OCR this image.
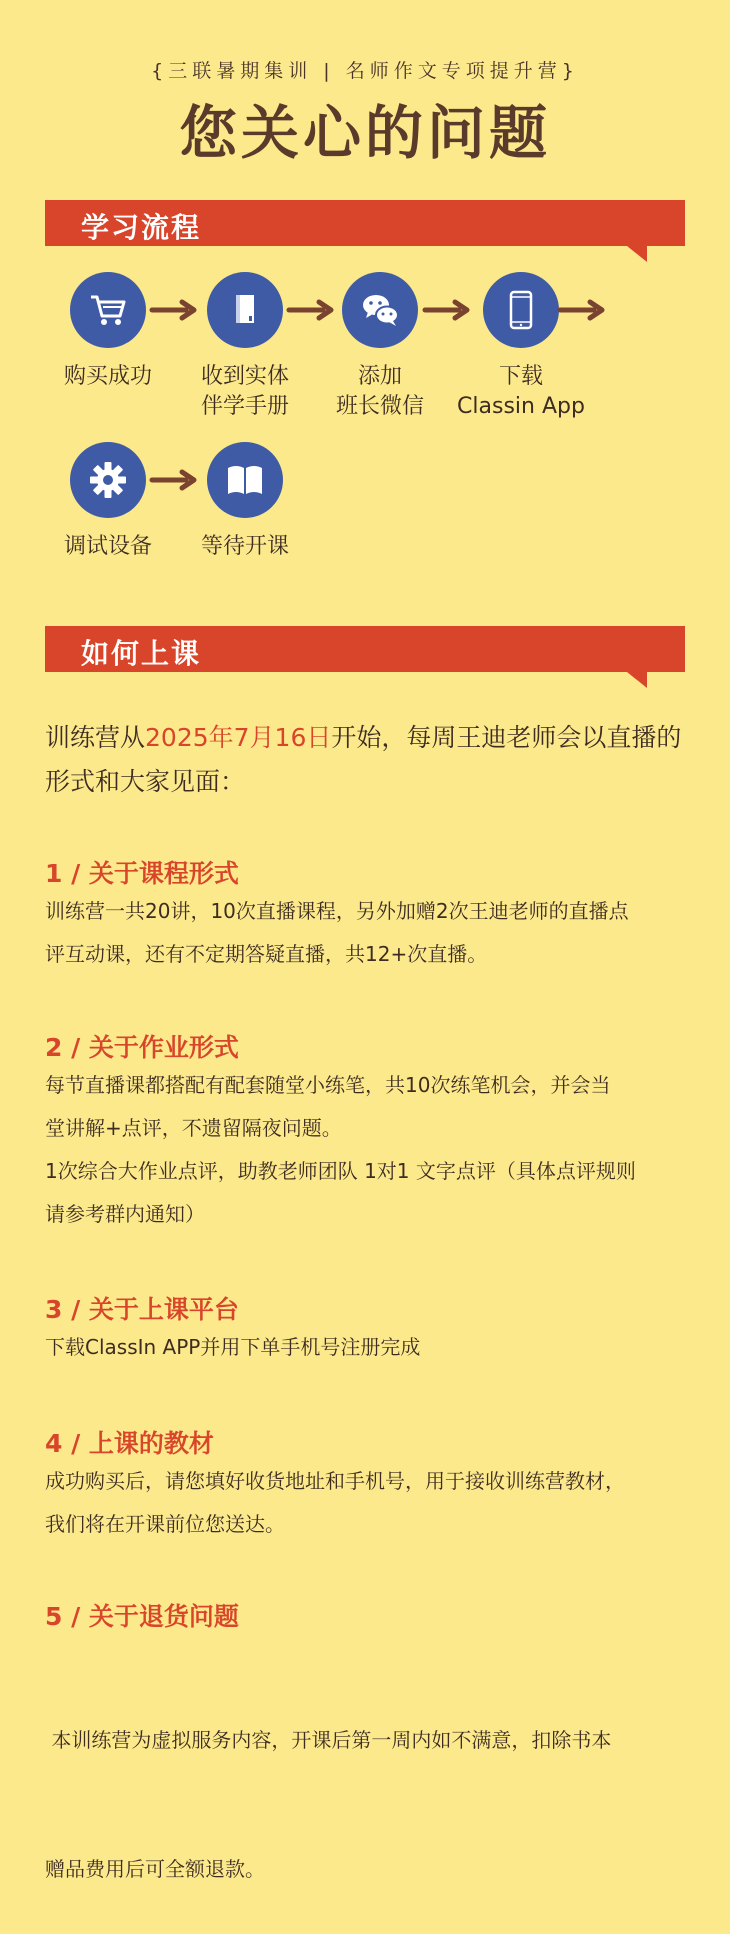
{三联暑期集训 | 名师作文专项提升营}
您关心的问题
学习流程
购买成功	收到实体
伴学手册
添加
班长微信
下载
Classin App
调试设备	等待开课
如何上课
训练营从2025年7月16日开始，每周王迪老师会以直播的形式和大家见面：
1 / 关于课程形式
训练营一共20讲，10次直播课程，另外加赠2次王迪老师的直播点
评互动课，还有不定期答疑直播，共12+次直播。
2 / 关于作业形式
每节直播课都搭配有配套随堂小练笔，共10次练笔机会，并会当
堂讲解+点评，不遗留隔夜问题。
1次综合大作业点评，助教老师团队 1对1 文字点评（具体点评规则
请参考群内通知）
3 / 关于上课平台
下载ClassIn APP并用下单手机号注册完成
4 / 上课的教材
成功购买后，请您填好收货地址和手机号，用于接收训练营教材，
我们将在开课前位您送达。
5 / 关于退货问题

本训练营为虚拟服务内容，开课后第一周内如不满意，扣除书本

赠品费用后可全额退款。
